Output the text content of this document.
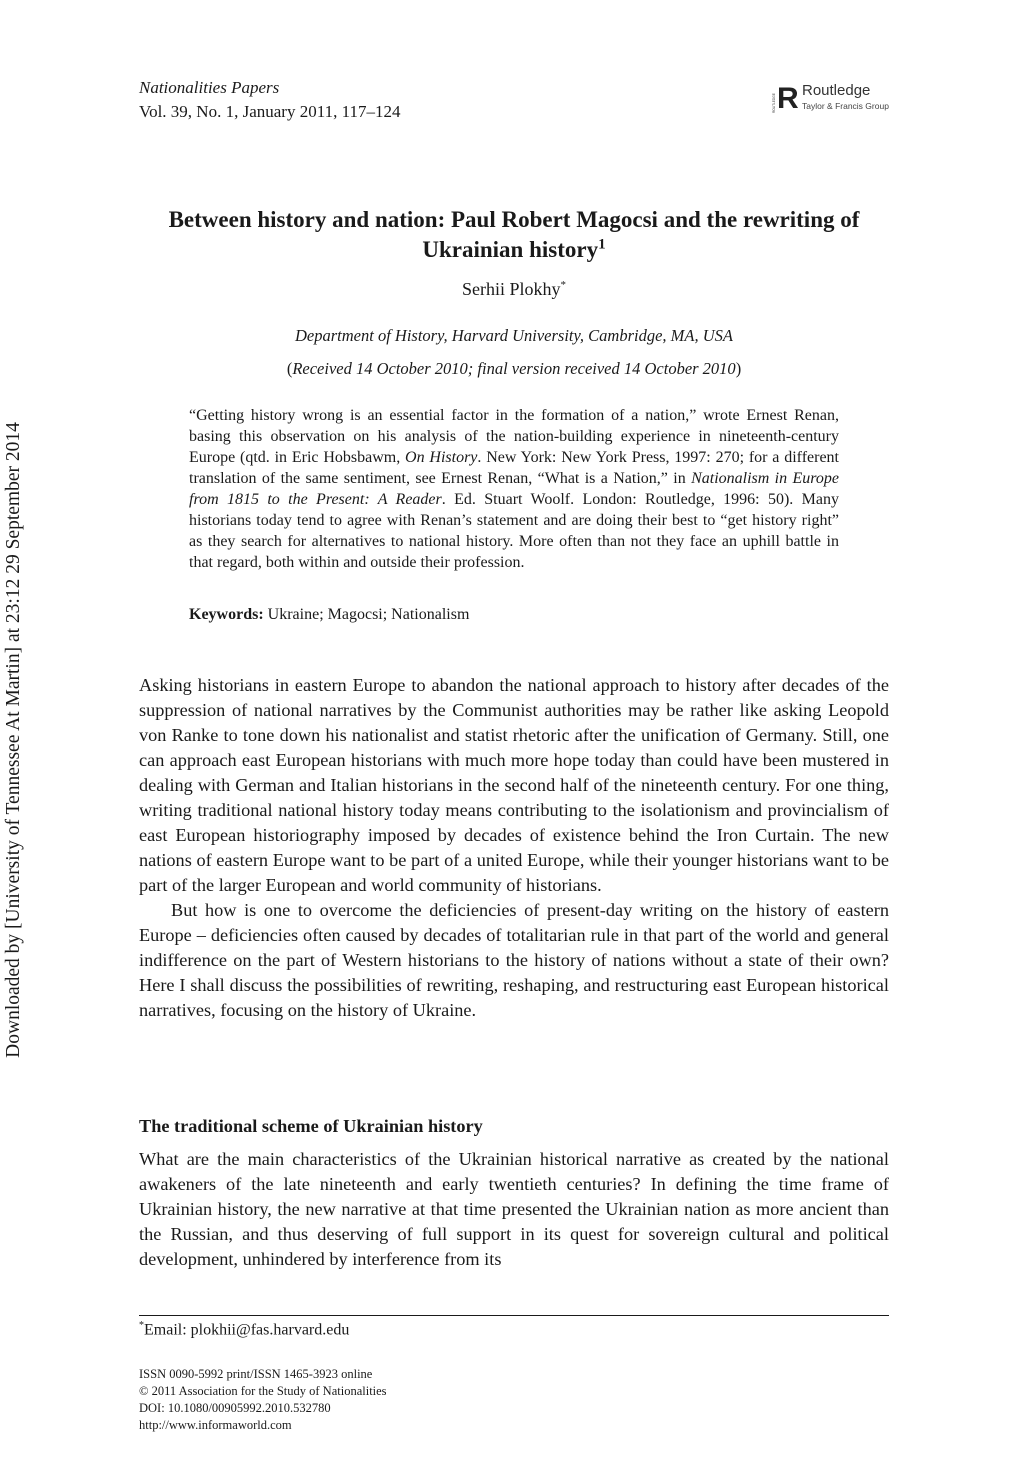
Downloaded by [University of Tennessee At Martin] at 23:12 29 September 2014
Nationalities Papers
Vol. 39, No. 1, January 2011, 117–124	ROUTLEDGE R Routledge
Taylor & Francis Group
Between history and nation: Paul Robert Magocsi and the rewriting of Ukrainian history$^1$
Serhii Plokhy*
Department of History, Harvard University, Cambridge, MA, USA
(Received 14 October 2010; final version received 14 October 2010)

“Getting history wrong is an essential factor in the formation of a nation,” wrote Ernest Renan, basing this observation on his analysis of the nation-building experience in nineteenth-century Europe (qtd. in Eric Hobsbawm, On History. New York: New York Press, 1997: 270; for a different translation of the same sentiment, see Ernest Renan, “What is a Nation,” in Nationalism in Europe from 1815 to the Present: A Reader. Ed. Stuart Woolf. London: Routledge, 1996: 50). Many historians today tend to agree with Renan’s statement and are doing their best to “get history right” as they search for alternatives to national history. More often than not they face an uphill battle in that regard, both within and outside their profession.

Keywords: Ukraine; Magocsi; Nationalism

Asking historians in eastern Europe to abandon the national approach to history after decades of the suppression of national narratives by the Communist authorities may be rather like asking Leopold von Ranke to tone down his nationalist and statist rhetoric after the unification of Germany. Still, one can approach east European historians with much more hope today than could have been mustered in dealing with German and Italian historians in the second half of the nineteenth century. For one thing, writing traditional national history today means contributing to the isolationism and provincialism of east European historiography imposed by decades of existence behind the Iron Curtain. The new nations of eastern Europe want to be part of a united Europe, while their younger historians want to be part of the larger European and world community of historians.

But how is one to overcome the deficiencies of present-day writing on the history of eastern Europe – deficiencies often caused by decades of totalitarian rule in that part of the world and general indifference on the part of Western historians to the history of nations without a state of their own? Here I shall discuss the possibilities of rewriting, reshaping, and restructuring east European historical narratives, focusing on the history of Ukraine.

The traditional scheme of Ukrainian history

What are the main characteristics of the Ukrainian historical narrative as created by the national awakeners of the late nineteenth and early twentieth centuries? In defining the time frame of Ukrainian history, the new narrative at that time presented the Ukrainian nation as more ancient than the Russian, and thus deserving of full support in its quest for sovereign cultural and political development, unhindered by interference from its

*Email: plokhii@fas.harvard.edu
ISSN 0090-5992 print/ISSN 1465-3923 online
© 2011 Association for the Study of Nationalities
DOI: 10.1080/00905992.2010.532780
http://www.informaworld.com
